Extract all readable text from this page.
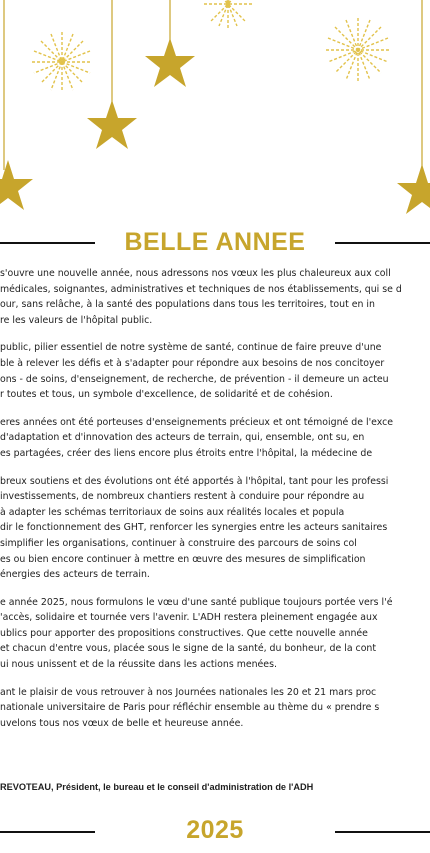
BELLE ANNEE
s'ouvre une nouvelle année, nous adressons nos vœux les plus chaleureux aux coll
médicales, soignantes, administratives et techniques de nos établissements, qui se d
our, sans relâche, à la santé des populations dans tous les territoires, tout en in
re les valeurs de l'hôpital public.
public, pilier essentiel de notre système de santé, continue de faire preuve d'une
ble à relever les défis et à s'adapter pour répondre aux besoins de nos concitoyer
ons - de soins, d'enseignement, de recherche, de prévention - il demeure un acteu
r toutes et tous, un symbole d'excellence, de solidarité et de cohésion.
eres années ont été porteuses d'enseignements précieux et ont témoigné de l'exce
d'adaptation et d'innovation des acteurs de terrain, qui, ensemble, ont su, en
es partagées, créer des liens encore plus étroits entre l'hôpital, la médecine de
breux soutiens et des évolutions ont été apportés à l'hôpital, tant pour les professi
investissements, de nombreux chantiers restent à conduire pour répondre au
à adapter les schémas territoriaux de soins aux réalités locales et popula
dir le fonctionnement des GHT, renforcer les synergies entre les acteurs sanitaires
simplifier les organisations, continuer à construire des parcours de soins col
es ou bien encore continuer à mettre en œuvre des mesures de simplification
énergies des acteurs de terrain.
e année 2025, nous formulons le vœu d'une santé publique toujours portée vers l'é
'accès, solidaire et tournée vers l'avenir. L'ADH restera pleinement engagée aux
ublics pour apporter des propositions constructives. Que cette nouvelle année
et chacun d'entre vous, placée sous le signe de la santé, du bonheur, de la cont
ui nous unissent et de la réussite dans les actions menées.
ant le plaisir de vous retrouver à nos Journées nationales les 20 et 21 mars proc
nationale universitaire de Paris pour réfléchir ensemble au thème du « prendre s
uvelons tous nos vœux de belle et heureuse année.
REVOTEAU, Président, le bureau et le conseil d'administration de l'ADH
2025
